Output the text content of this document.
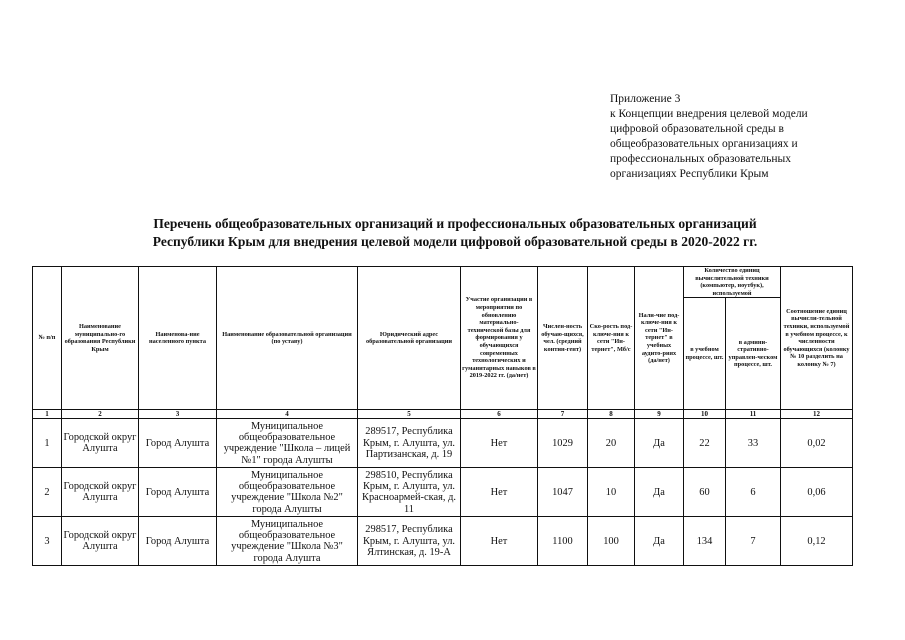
Приложение 3
к Концепции внедрения целевой модели
цифровой образовательной среды в
общеобразовательных организациях и
профессиональных образовательных
организациях Республики Крым
Перечень общеобразовательных организаций и профессиональных образовательных организаций
Республики Крым для внедрения целевой модели цифровой образовательной среды в 2020-2022 гг.
№ п/п	Наименование муниципально-го образования Республики Крым	Наименова-ние населенного пункта	Наименование образовательной организации (по уставу)	Юридический адрес образовательной организации	Участие организации в мероприятии по обновлению материально-технической базы для формирования у обучающихся современных технологических и гуманитарных навыков в 2019-2022 гг. (да/нет)	Числен-ность обучаю-щихся, чел. (средний контин-гент)	Ско-рость под-ключе-ния к сети "Ин-тернет", Мб/с	Нали-чие под-ключе-ния к сети "Ин-тернет" в учебных аудито-риях (да/нет)	Количество единиц вычислительной техники (компьютер, ноутбук), используемой		Соотношение единиц вычисли-тельной техники, используемой в учебном процессе, к численности обучающихся (колонку № 10 разделить на колонку № 7)
									в учебном процессе, шт.	в админи-стративно-управлен-ческом процессе, шт.	
1	2	3	4	5	6	7	8	9	10	11	12
1	Городской округ Алушта	Город Алушта	Муниципальное общеобразовательное учреждение "Школа – лицей №1" города Алушты	289517, Республика Крым, г. Алушта, ул. Партизанская, д. 19	Нет	1029	20	Да	22	33	0,02
2	Городской округ Алушта	Город Алушта	Муниципальное общеобразовательное учреждение "Школа №2" города Алушты	298510, Республика Крым, г. Алушта, ул. Красноармей-ская, д. 11	Нет	1047	10	Да	60	6	0,06
3	Городской округ Алушта	Город Алушта	Муниципальное общеобразовательное учреждение "Школа №3" города Алушта	298517, Республика Крым, г. Алушта, ул. Ялтинская, д. 19-А	Нет	1100	100	Да	134	7	0,12
